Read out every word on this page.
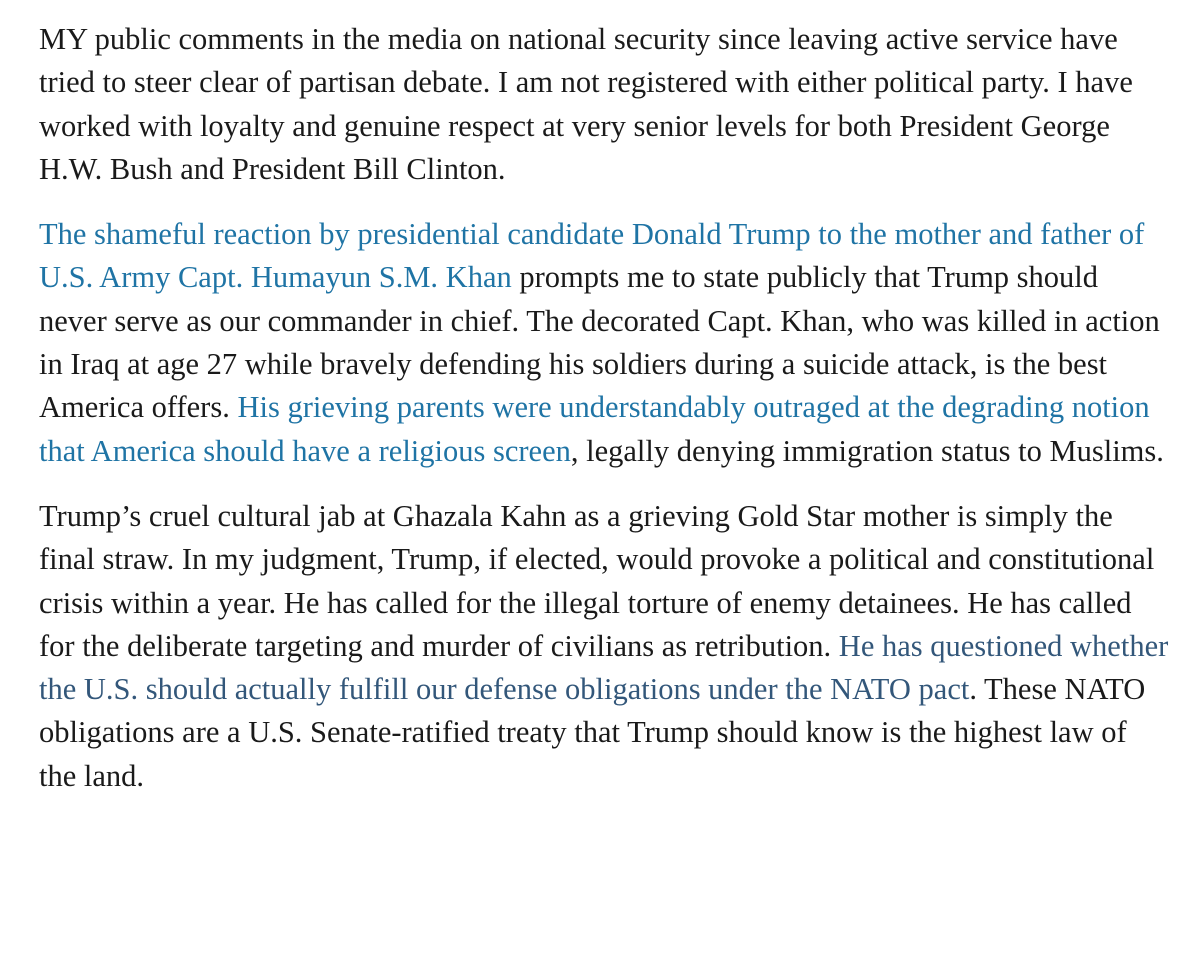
MY public comments in the media on national security since leaving active service have tried to steer clear of partisan debate. I am not registered with either political party. I have worked with loyalty and genuine respect at very senior levels for both President George H.W. Bush and President Bill Clinton.

The shameful reaction by presidential candidate Donald Trump to the mother and father of U.S. Army Capt. Humayun S.M. Khan prompts me to state publicly that Trump should never serve as our commander in chief. The decorated Capt. Khan, who was killed in action in Iraq at age 27 while bravely defending his soldiers during a suicide attack, is the best America offers. His grieving parents were understandably outraged at the degrading notion that America should have a religious screen, legally denying immigration status to Muslims.

Trump’s cruel cultural jab at Ghazala Kahn as a grieving Gold Star mother is simply the final straw. In my judgment, Trump, if elected, would provoke a political and constitutional crisis within a year. He has called for the illegal torture of enemy detainees. He has called for the deliberate targeting and murder of civilians as retribution. He has questioned whether the U.S. should actually fulfill our defense obligations under the NATO pact. These NATO obligations are a U.S. Senate-ratified treaty that Trump should know is the highest law of the land.
